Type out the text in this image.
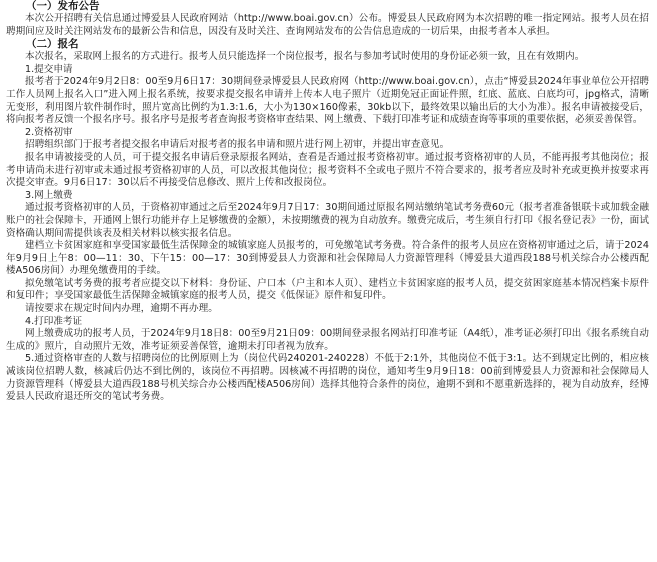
（一）发布公告

本次公开招聘有关信息通过博爱县人民政府网站（http://www.boai.gov.cn）公布。博爱县人民政府网为本次招聘的唯一指定网站。报考人员在招聘期间应及时关注网站发布的最新公告和信息，因没有及时关注、查询网站发布的公告信息造成的一切后果，由报考者本人承担。

（二）报名

本次报名，采取网上报名的方式进行。报考人员只能选择一个岗位报考，报名与参加考试时使用的身份证必须一致，且在有效期内。

1.提交申请

报考者于2024年9月2日8：00至9月6日17：30期间登录博爱县人民政府网（http://www.boai.gov.cn），点击“博爱县2024年事业单位公开招聘工作人员网上报名入口”进入网上报名系统，按要求提交报名申请并上传本人电子照片（近期免冠正面证件照，红底、蓝底、白底均可，jpg格式，清晰无变形，利用图片软件制作时，照片宽高比例约为1.3:1.6，大小为130×160像素，30kb以下，最终效果以输出后的大小为准）。报名申请被接受后，将向报考者反馈一个报名序号。报名序号是报考者查询报考资格审查结果、网上缴费、下载打印准考证和成绩查询等事项的重要依据，必须妥善保管。

2.资格初审

招聘组织部门于报考者提交报名申请后对报考者的报名申请和照片进行网上初审，并提出审查意见。

报名申请被接受的人员，可于提交报名申请后登录原报名网站，查看是否通过报考资格初审。通过报考资格初审的人员，不能再报考其他岗位；报考申请尚未进行初审或未通过报考资格初审的人员，可以改报其他岗位；报考资料不全或电子照片不符合要求的，报考者应及时补充或更换并按要求再次提交审查。9月6日17：30以后不再接受信息修改、照片上传和改报岗位。

3.网上缴费

通过报考资格初审的人员，于资格初审通过之后至2024年9月7日17：30期间通过原报名网站缴纳笔试考务费60元（报考者准备银联卡或加载金融账户的社会保障卡，开通网上银行功能并存上足够缴费的金额），未按期缴费的视为自动放弃。缴费完成后，考生须自行打印《报名登记表》一份，面试资格确认期间需提供该表及相关材料以核实报名信息。

建档立卡贫困家庭和享受国家最低生活保障金的城镇家庭人员报考的，可免缴笔试考务费。符合条件的报考人员应在资格初审通过之后，请于2024年9月9日上午8：00—11：30、下午15：00—17：30到博爱县人力资源和社会保障局人力资源管理科（博爱县大道西段188号机关综合办公楼西配楼A506房间）办理免缴费用的手续。

拟免缴笔试考务费的报考者应提交以下材料：身份证、户口本（户主和本人页）、建档立卡贫困家庭的报考人员，提交贫困家庭基本情况档案卡原件和复印件；享受国家最低生活保障金城镇家庭的报考人员，提交《低保证》原件和复印件。

请按要求在规定时间内办理，逾期不再办理。

4.打印准考证

网上缴费成功的报考人员，于2024年9月18日8：00至9月21日09：00期间登录报名网站打印准考证（A4纸），准考证必须打印出《报名系统自动生成的》照片，自动照片无效，准考证须妥善保管，逾期未打印者视为放弃。

5.通过资格审查的人数与招聘岗位的比例原则上为（岗位代码240201-240228）不低于2:1外，其他岗位不低于3:1。达不到规定比例的，相应核减该岗位招聘人数，核减后仍达不到比例的，该岗位不再招聘。因核减不再招聘的岗位，通知考生9月9日18：00前到博爱县人力资源和社会保障局人力资源管理科（博爱县大道西段188号机关综合办公楼西配楼A506房间）选择其他符合条件的岗位，逾期不到和不愿重新选择的，视为自动放弃，经博爱县人民政府退还所交的笔试考务费。
